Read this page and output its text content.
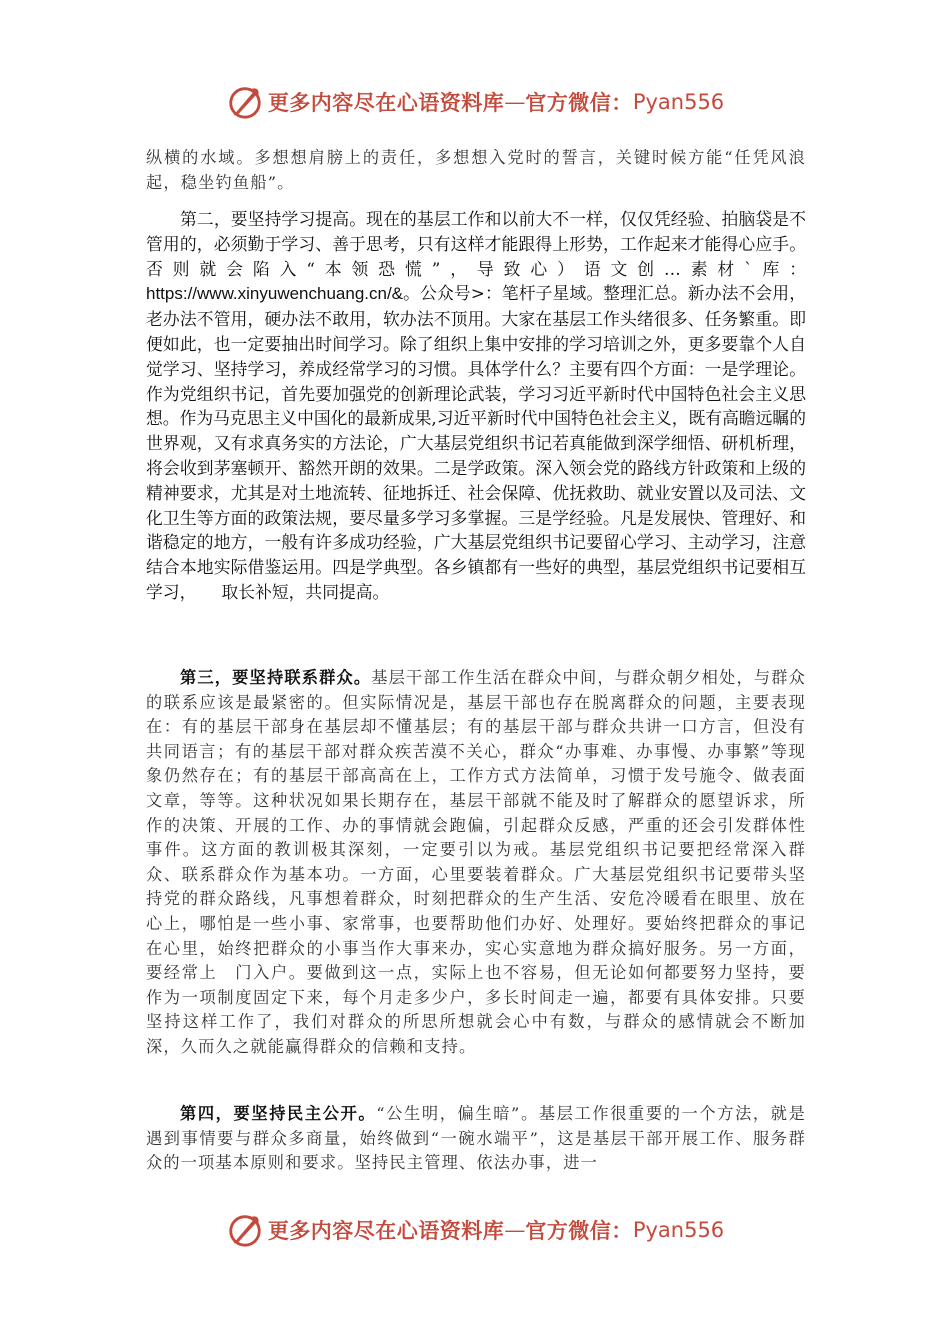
更多内容尽在心语资料库 — 官方微信： Pyan556

纵横的水域。多想想肩膀上的责任，多想想入党时的誓言，关键时候方能“任凭风浪起，稳坐钓鱼船”。

第二，要坚持学习提高。现在的基层工作和以前大不一样，仅仅凭经验、拍脑袋是不管用的，必须勤于学习、善于思考，只有这样才能跟得上形势，工作起来才能得心应手。否则就会陷入“本领恐慌”，导致心）语文创…素材`库：https://www.xinyuwenchuang.cn/&。公众号>：笔杆子星域。整理汇总。新办法不会用，老办法不管用，硬办法不敢用，软办法不顶用。大家在基层工作头绪很多、任务繁重。即便如此，也一定要抽出时间学习。除了组织上集中安排的学习培训之外，更多要靠个人自觉学习、坚持学习，养成经常学习的习惯。具体学什么？主要有四个方面：一是学理论。作为党组织书记，首先要加强党的创新理论武装，学习习近平新时代中国特色社会主义思想。作为马克思主义中国化的最新成果,习近平新时代中国特色社会主义，既有高瞻远瞩的世界观，又有求真务实的方法论，广大基层党组织书记若真能做到深学细悟、研机析理，将会收到茅塞顿开、豁然开朗的效果。二是学政策。深入领会党的路线方针政策和上级的精神要求，尤其是对土地流转、征地拆迁、社会保障、优抚救助、就业安置以及司法、文化卫生等方面的政策法规，要尽量多学习多掌握。三是学经验。凡是发展快、管理好、和谐稳定的地方，一般有许多成功经验，广大基层党组织书记要留心学习、主动学习，注意结合本地实际借鉴运用。四是学典型。各乡镇都有一些好的典型，基层党组织书记要相互学习，　　取长补短，共同提高。

第三，要坚持联系群众。基层干部工作生活在群众中间，与群众朝夕相处，与群众的联系应该是最紧密的。但实际情况是，基层干部也存在脱离群众的问题，主要表现在：有的基层干部身在基层却不懂基层；有的基层干部与群众共讲一口方言，但没有共同语言；有的基层干部对群众疾苦漠不关心，群众“办事难、办事慢、办事繁”等现象仍然存在；有的基层干部高高在上，工作方式方法简单，习惯于发号施令、做表面文章，等等。这种状况如果长期存在，基层干部就不能及时了解群众的愿望诉求，所作的决策、开展的工作、办的事情就会跑偏，引起群众反感，严重的还会引发群体性事件。这方面的教训极其深刻，一定要引以为戒。基层党组织书记要把经常深入群众、联系群众作为基本功。一方面，心里要装着群众。广大基层党组织书记要带头坚持党的群众路线，凡事想着群众，时刻把群众的生产生活、安危冷暖看在眼里、放在心上，哪怕是一些小事、家常事，也要帮助他们办好、处理好。要始终把群众的事记在心里，始终把群众的小事当作大事来办，实心实意地为群众搞好服务。另一方面，要经常上　门入户。要做到这一点，实际上也不容易，但无论如何都要努力坚持，要作为一项制度固定下来，每个月走多少户，多长时间走一遍，都要有具体安排。只要坚持这样工作了，我们对群众的所思所想就会心中有数，与群众的感情就会不断加深，久而久之就能赢得群众的信赖和支持。

第四，要坚持民主公开。“公生明，偏生暗”。基层工作很重要的一个方法，就是遇到事情要与群众多商量，始终做到“一碗水端平”，这是基层干部开展工作、服务群众的一项基本原则和要求。坚持民主管理、依法办事，进一

更多内容尽在心语资料库 — 官方微信： Pyan556
